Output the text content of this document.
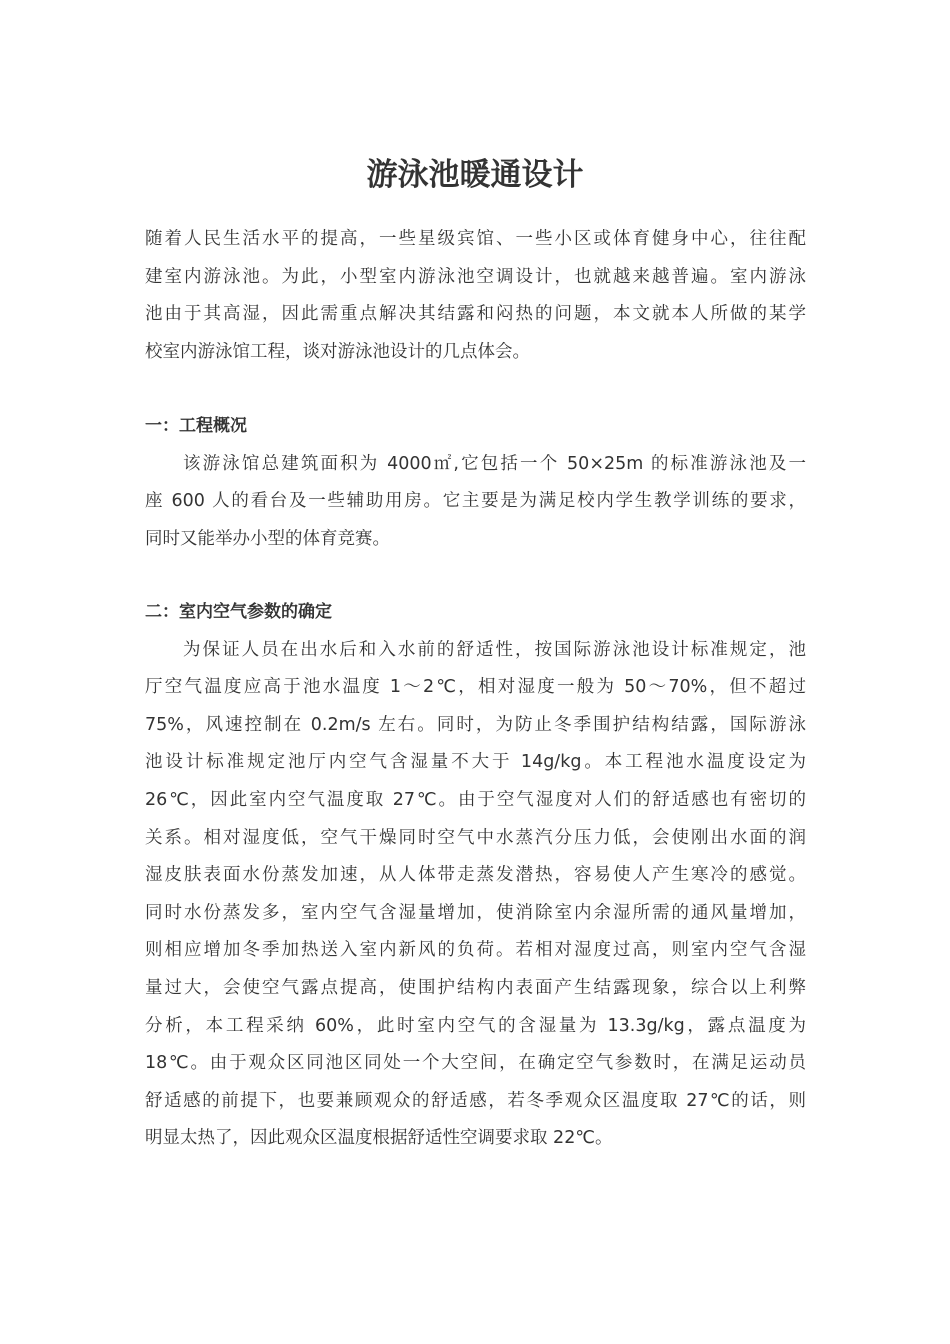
游泳池暖通设计
随着人民生活水平的提高，一些星级宾馆、一些小区或体育健身中心，往往配
建室内游泳池。为此，小型室内游泳池空调设计，也就越来越普遍。室内游泳
池由于其高湿，因此需重点解决其结露和闷热的问题，本文就本人所做的某学
校室内游泳馆工程，谈对游泳池设计的几点体会。
一：工程概况
该游泳馆总建筑面积为 4000㎡,它包括一个 50×25m 的标准游泳池及一
座 600 人的看台及一些辅助用房。它主要是为满足校内学生教学训练的要求，
同时又能举办小型的体育竞赛。
二：室内空气参数的确定
为保证人员在出水后和入水前的舒适性，按国际游泳池设计标准规定，池
厅空气温度应高于池水温度 1～2℃，相对湿度一般为 50～70%，但不超过
75%，风速控制在 0.2m/s 左右。同时，为防止冬季围护结构结露，国际游泳
池设计标准规定池厅内空气含湿量不大于 14g/kg。本工程池水温度设定为
26℃，因此室内空气温度取 27℃。由于空气湿度对人们的舒适感也有密切的
关系。相对湿度低，空气干燥同时空气中水蒸汽分压力低，会使刚出水面的润
湿皮肤表面水份蒸发加速，从人体带走蒸发潜热，容易使人产生寒冷的感觉。
同时水份蒸发多，室内空气含湿量增加，使消除室内余湿所需的通风量增加，
则相应增加冬季加热送入室内新风的负荷。若相对湿度过高，则室内空气含湿
量过大，会使空气露点提高，使围护结构内表面产生结露现象，综合以上利弊
分析，本工程采纳 60%，此时室内空气的含湿量为 13.3g/kg，露点温度为
18℃。由于观众区同池区同处一个大空间，在确定空气参数时，在满足运动员
舒适感的前提下，也要兼顾观众的舒适感，若冬季观众区温度取 27℃的话，则
明显太热了，因此观众区温度根据舒适性空调要求取 22℃。
